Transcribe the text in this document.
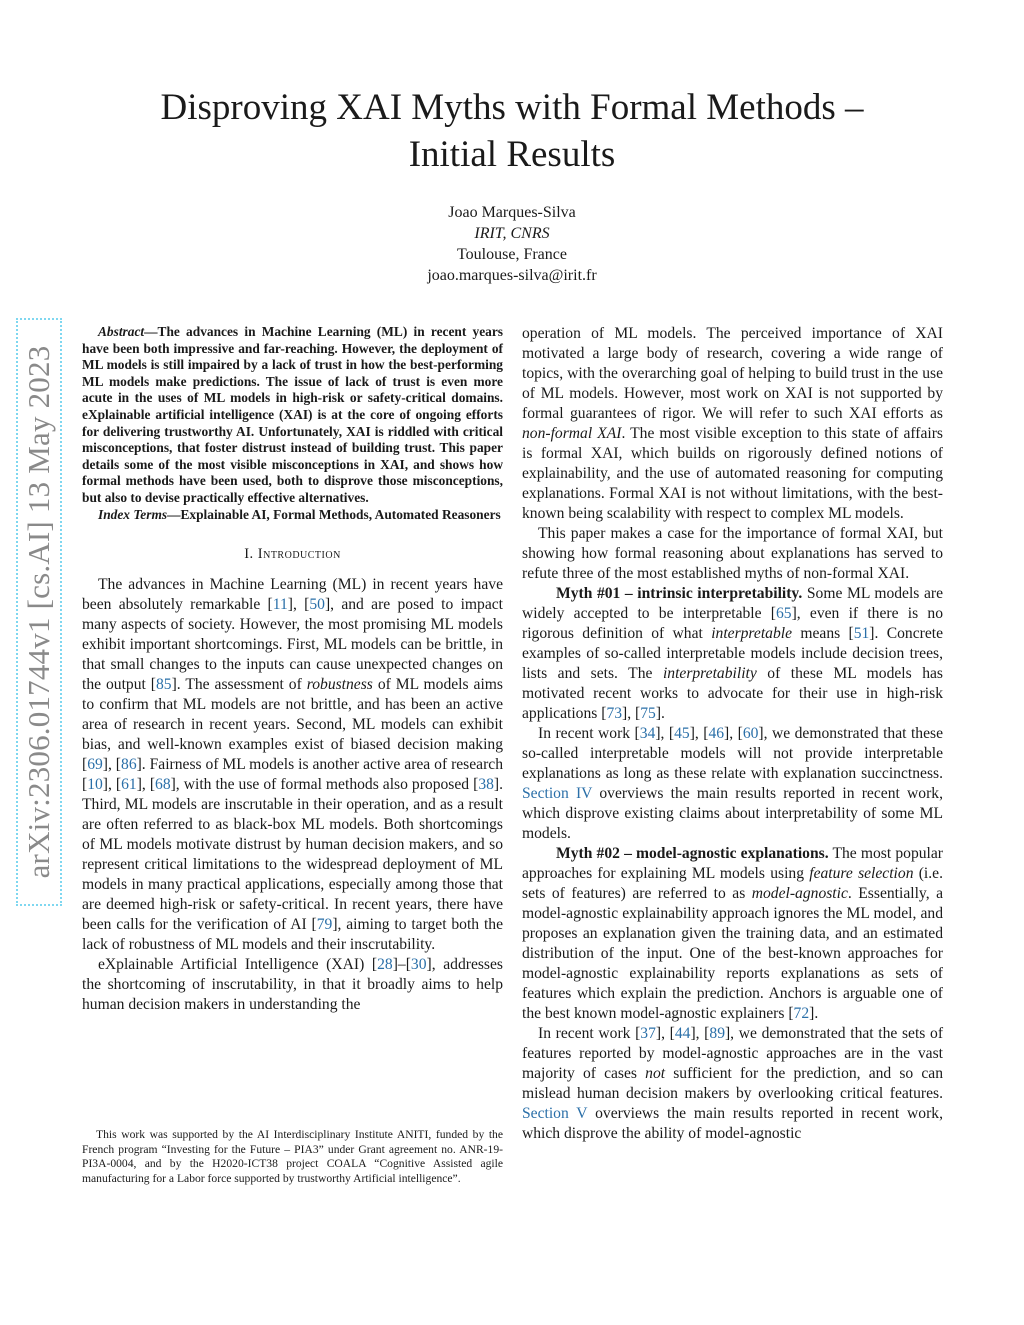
Disproving XAI Myths with Formal Methods –
Initial Results
Joao Marques-Silva
IRIT, CNRS
Toulouse, France
joao.marques-silva@irit.fr
arXiv:2306.01744v1 [cs.AI] 13 May 2023

Abstract—The advances in Machine Learning (ML) in recent years have been both impressive and far-reaching. However, the deployment of ML models is still impaired by a lack of trust in how the best-performing ML models make predictions. The issue of lack of trust is even more acute in the uses of ML models in high-risk or safety-critical domains. eXplainable artificial intelligence (XAI) is at the core of ongoing efforts for delivering trustworthy AI. Unfortunately, XAI is riddled with critical misconceptions, that foster distrust instead of building trust. This paper details some of the most visible misconceptions in XAI, and shows how formal methods have been used, both to disprove those misconceptions, but also to devise practically effective alternatives.

Index Terms—Explainable AI, Formal Methods, Automated Reasoners

I. Introduction

The advances in Machine Learning (ML) in recent years have been absolutely remarkable [11], [50], and are posed to impact many aspects of society. However, the most promising ML models exhibit important shortcomings. First, ML models can be brittle, in that small changes to the inputs can cause unexpected changes on the output [85]. The assessment of robustness of ML models aims to confirm that ML models are not brittle, and has been an active area of research in recent years. Second, ML models can exhibit bias, and well-known examples exist of biased decision making [69], [86]. Fairness of ML models is another active area of research [10], [61], [68], with the use of formal methods also proposed [38]. Third, ML models are inscrutable in their operation, and as a result are often referred to as black-box ML models. Both shortcomings of ML models motivate distrust by human decision makers, and so represent critical limitations to the widespread deployment of ML models in many practical applications, especially among those that are deemed high-risk or safety-critical. In recent years, there have been calls for the verification of AI [79], aiming to target both the lack of robustness of ML models and their inscrutability.

eXplainable Artificial Intelligence (XAI) [28]–[30], addresses the shortcoming of inscrutability, in that it broadly aims to help human decision makers in understanding the

This work was supported by the AI Interdisciplinary Institute ANITI, funded by the French program “Investing for the Future – PIA3” under Grant agreement no. ANR-19-PI3A-0004, and by the H2020-ICT38 project COALA “Cognitive Assisted agile manufacturing for a Labor force supported by trustworthy Artificial intelligence”.

operation of ML models. The perceived importance of XAI motivated a large body of research, covering a wide range of topics, with the overarching goal of helping to build trust in the use of ML models. However, most work on XAI is not supported by formal guarantees of rigor. We will refer to such XAI efforts as non-formal XAI. The most visible exception to this state of affairs is formal XAI, which builds on rigorously defined notions of explainability, and the use of automated reasoning for computing explanations. Formal XAI is not without limitations, with the best-known being scalability with respect to complex ML models.

This paper makes a case for the importance of formal XAI, but showing how formal reasoning about explanations has served to refute three of the most established myths of non-formal XAI.

Myth #01 – intrinsic interpretability. Some ML models are widely accepted to be interpretable [65], even if there is no rigorous definition of what interpretable means [51]. Concrete examples of so-called interpretable models include decision trees, lists and sets. The interpretability of these ML models has motivated recent works to advocate for their use in high-risk applications [73], [75].

In recent work [34], [45], [46], [60], we demonstrated that these so-called interpretable models will not provide interpretable explanations as long as these relate with explanation succinctness. Section IV overviews the main results reported in recent work, which disprove existing claims about interpretability of some ML models.

Myth #02 – model-agnostic explanations. The most popular approaches for explaining ML models using feature selection (i.e. sets of features) are referred to as model-agnostic. Essentially, a model-agnostic explainability approach ignores the ML model, and proposes an explanation given the training data, and an estimated distribution of the input. One of the best-known approaches for model-agnostic explainability reports explanations as sets of features which explain the prediction. Anchors is arguable one of the best known model-agnostic explainers [72].

In recent work [37], [44], [89], we demonstrated that the sets of features reported by model-agnostic approaches are in the vast majority of cases not sufficient for the prediction, and so can mislead human decision makers by overlooking critical features. Section V overviews the main results reported in recent work, which disprove the ability of model-agnostic
